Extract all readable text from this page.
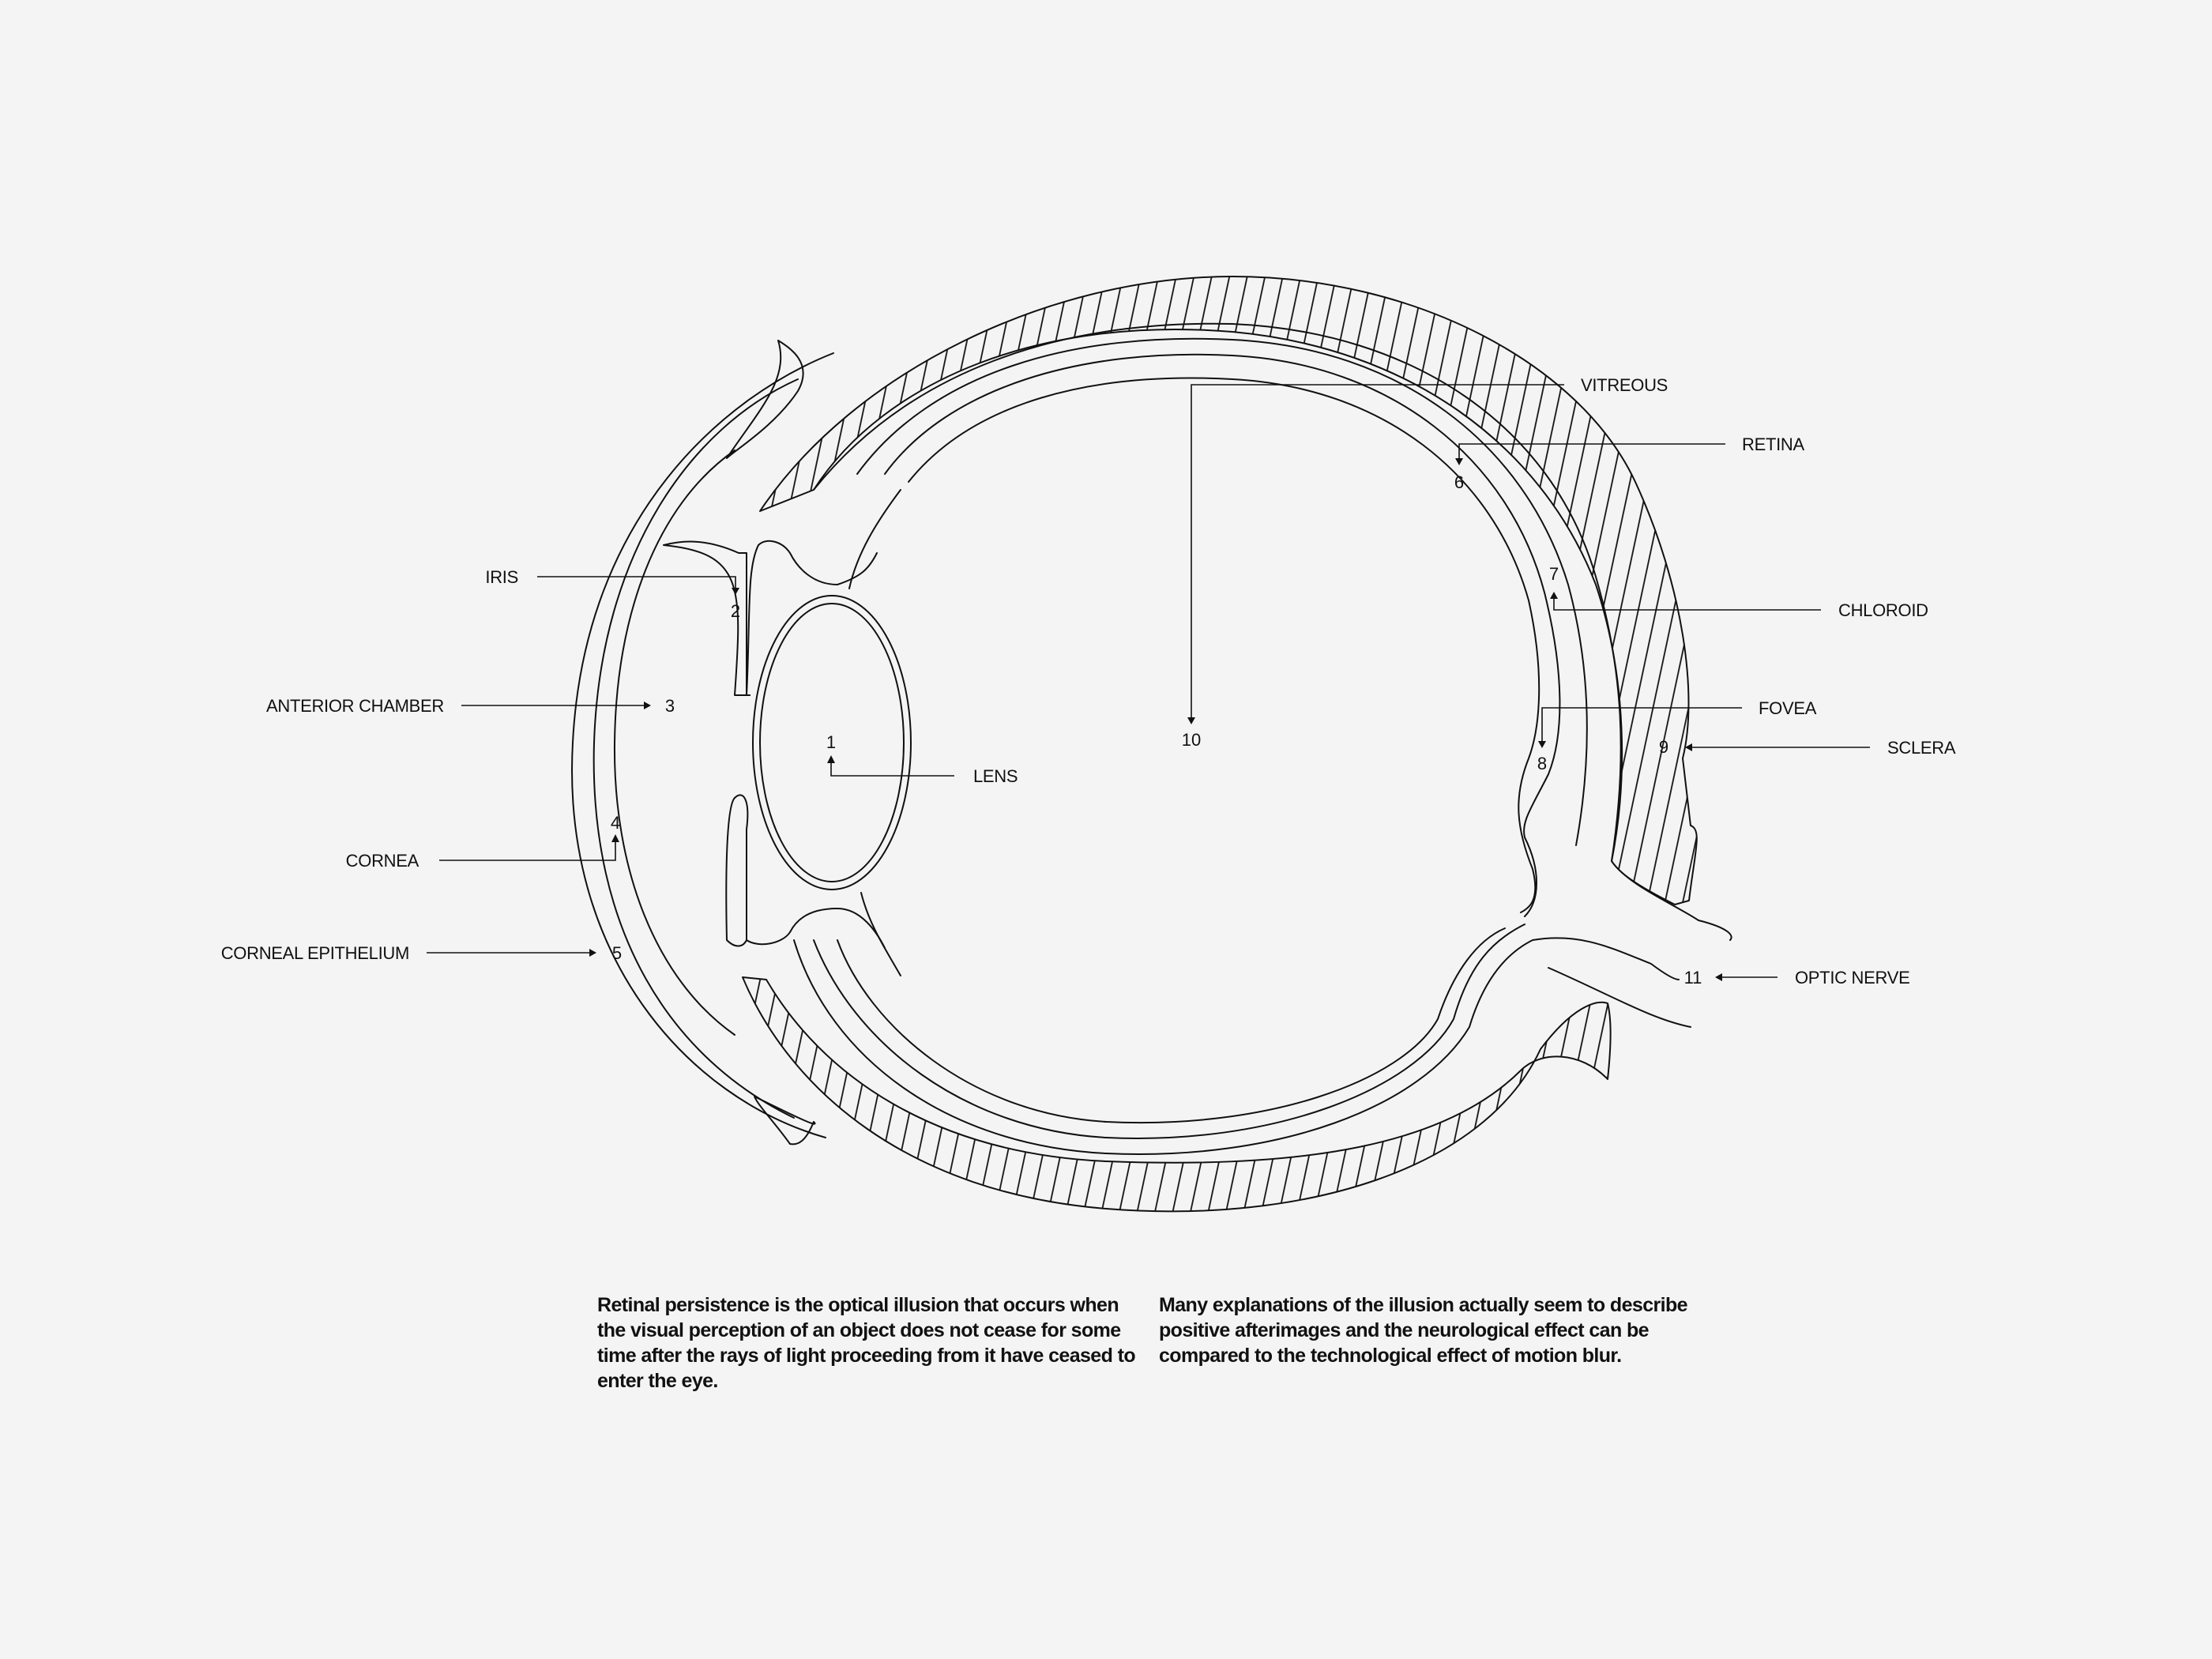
1
2
3
4
5
6
7
8
9
10
11
IRIS
ANTERIOR CHAMBER
CORNEA
CORNEAL EPITHELIUM
LENS
VITREOUS
RETINA
CHLOROID
FOVEA
SCLERA
OPTIC NERVE

Retinal persistence is the optical illusion that occurs when the visual perception of an object does not cease for some time after the rays of light proceeding from it have ceased to enter the eye.

Many explanations of the illusion actually seem to describe positive afterimages and the neurological effect can be compared to the technological effect of motion blur.
